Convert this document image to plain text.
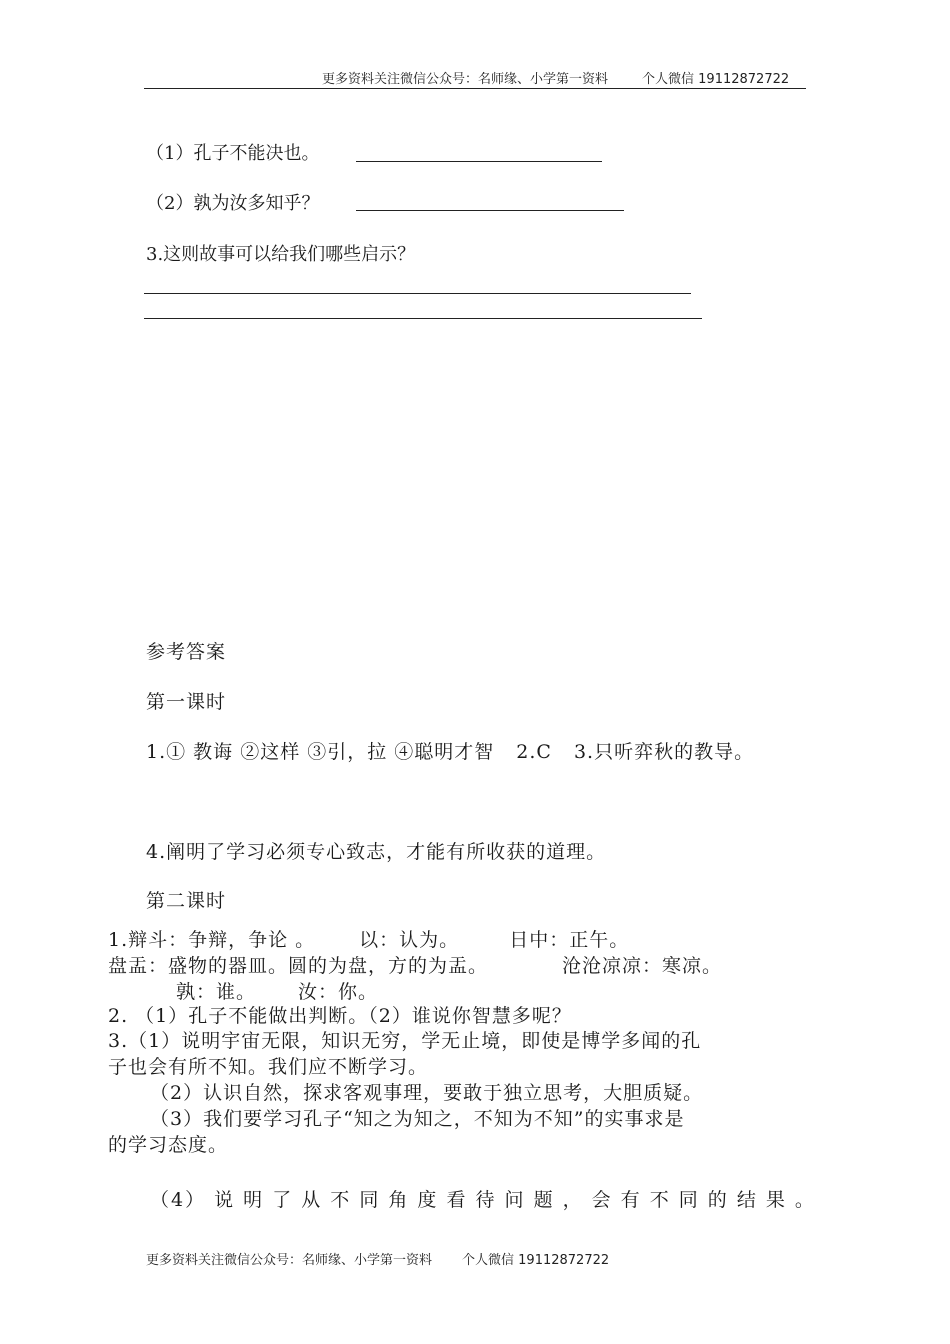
更多资料关注微信公众号：名师缘、小学第一资料	个人微信 19112872722
（1）孔子不能决也。
（2）孰为汝多知乎？
3.这则故事可以给我们哪些启示？
参考答案
第一课时
1.① 教诲 ②这样 ③引，拉 ④聪明才智 2.C 3.只听弈秋的教导。
4.阐明了学习必须专心致志，才能有所收获的道理。
第二课时
1.辩斗：争辩，争论 。 以：认为。	日中：正午。
盘盂：盛物的器皿。圆的为盘，方的为盂。	沧沧凉凉：寒凉。
孰：谁。 汝：你。
2. （1）孔子不能做出判断。（2）谁说你智慧多呢？
3.（1）说明宇宙无限，知识无穷，学无止境，即使是博学多闻的孔
子也会有所不知。我们应不断学习。
（2）认识自然，探求客观事理，要敢于独立思考，大胆质疑。
（3）我们要学习孔子“知之为知之，不知为不知”的实事求是
的学习态度。
（4） 说 明 了 从 不 同 角 度 看 待 问 题 ， 会 有 不 同 的 结 果 。
更多资料关注微信公众号：名师缘、小学第一资料 个人微信 19112872722
